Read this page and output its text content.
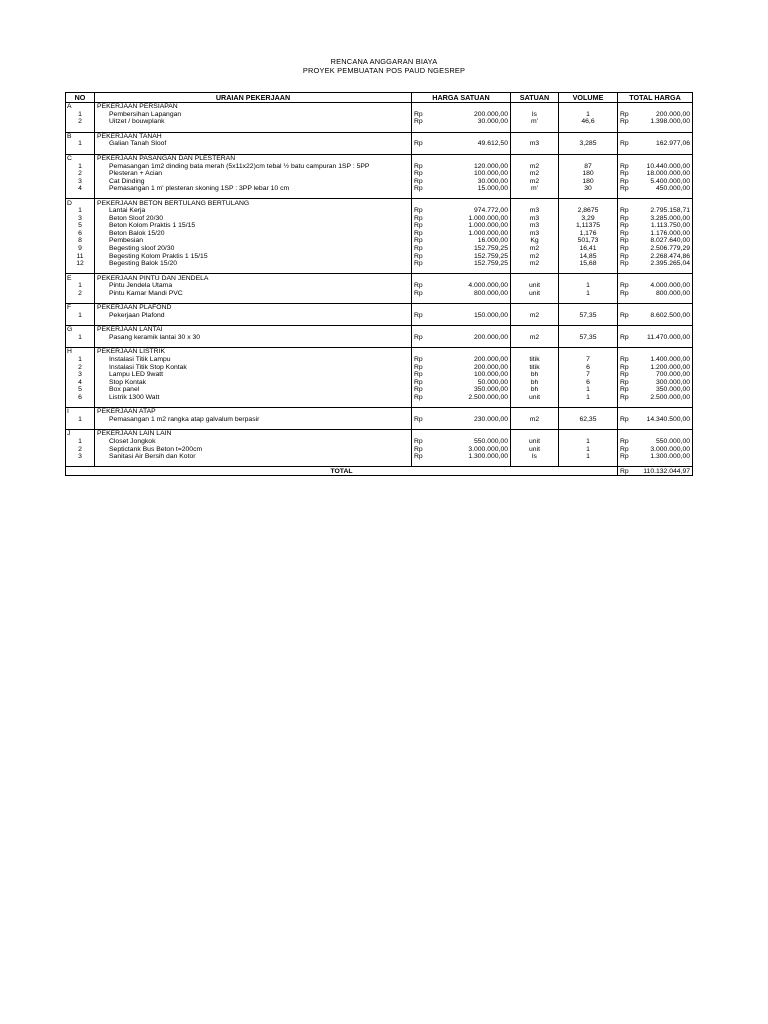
RENCANA ANGGARAN BIAYA
PROYEK PEMBUATAN POS PAUD NGESREP
NO	URAIAN PEKERJAAN	HARGA SATUAN		SATUAN	VOLUME	TOTAL HARGA	
A	PEKERJAAN PERSIAPAN						
1	Pembersihan Lapangan	Rp	200.000,00	ls	1	Rp	200.000,00
2	Uitzet / bouwplank	Rp	30.000,00	m'	46,6	Rp	1.398.000,00

B	PEKERJAAN TANAH						
1	Galian Tanah Sloof	Rp	49.612,50	m3	3,285	Rp	162.977,06

C	PEKERJAAN PASANGAN DAN PLESTERAN						
1	Pemasangan 1m2 dinding bata merah (5x11x22)cm tebal ½ batu campuran 1SP : 5PP	Rp	120.000,00	m2	87	Rp	10.440.000,00
2	Plesteran + Acian	Rp	100.000,00	m2	180	Rp	18.000.000,00
3	Cat Dinding	Rp	30.000,00	m2	180	Rp	5.400.000,00
4	Pemasangan 1 m' plesteran skoning 1SP : 3PP lebar 10 cm	Rp	15.000,00	m'	30	Rp	450.000,00

D	PEKERJAAN BETON BERTULANG BERTULANG						
1	Lantai Kerja	Rp	974.772,00	m3	2,8675	Rp	2.795.158,71
3	Beton Sloof 20/30	Rp	1.000.000,00	m3	3,29	Rp	3.285.000,00
5	Beton Kolom Praktis 1 15/15	Rp	1.000.000,00	m3	1,11375	Rp	1.113.750,00
6	Beton Balok 15/20	Rp	1.000.000,00	m3	1,176	Rp	1.176.000,00
8	Pembesian	Rp	16.000,00	Kg	501,73	Rp	8.027.640,00
9	Begesting sloof 20/30	Rp	152.759,25	m2	16,41	Rp	2.506.779,29
11	Begesting Kolom Praktis 1 15/15	Rp	152.759,25	m2	14,85	Rp	2.268.474,86
12	Begesting Balok 15/20	Rp	152.759,25	m2	15,68	Rp	2.395.265,04

E	PEKERJAAN PINTU DAN JENDELA						
1	Pintu Jendela Utama	Rp	4.000.000,00	unit	1	Rp	4.000.000,00
2	Pintu Kamar Mandi PVC	Rp	800.000,00	unit	1	Rp	800.000,00

F	PEKERJAAN PLAFOND						
1	Pekerjaan Plafond	Rp	150.000,00	m2	57,35	Rp	8.602.500,00

G	PEKERJAAN LANTAI						
1	Pasang keramik lantai 30 x 30	Rp	200.000,00	m2	57,35	Rp	11.470.000,00

H	PEKERJAAN LISTRIK						
1	Instalasi Titik Lampu	Rp	200.000,00	titik	7	Rp	1.400.000,00
2	Instalasi Titik Stop Kontak	Rp	200.000,00	titik	6	Rp	1.200.000,00
3	Lampu LED 9watt	Rp	100.000,00	bh	7	Rp	700.000,00
4	Stop Kontak	Rp	50.000,00	bh	6	Rp	300.000,00
5	Box panel	Rp	350.000,00	bh	1	Rp	350.000,00
6	Listrik 1300 Watt	Rp	2.500.000,00	unit	1	Rp	2.500.000,00

I	PEKERJAAN ATAP						
1	Pemasangan 1 m2 rangka atap galvalum berpasir	Rp	230.000,00	m2	62,35	Rp	14.340.500,00

J	PEKERJAAN LAIN LAIN						
1	Closet Jongkok	Rp	550.000,00	unit	1	Rp	550.000,00
2	Septictank Bus Beton t=200cm	Rp	3.000.000,00	unit	1	Rp	3.000.000,00
3	Sanitasi Air Bersih dan Kotor	Rp	1.300.000,00	ls	1	Rp	1.300.000,00

TOTAL						Rp	110.132.044,97
